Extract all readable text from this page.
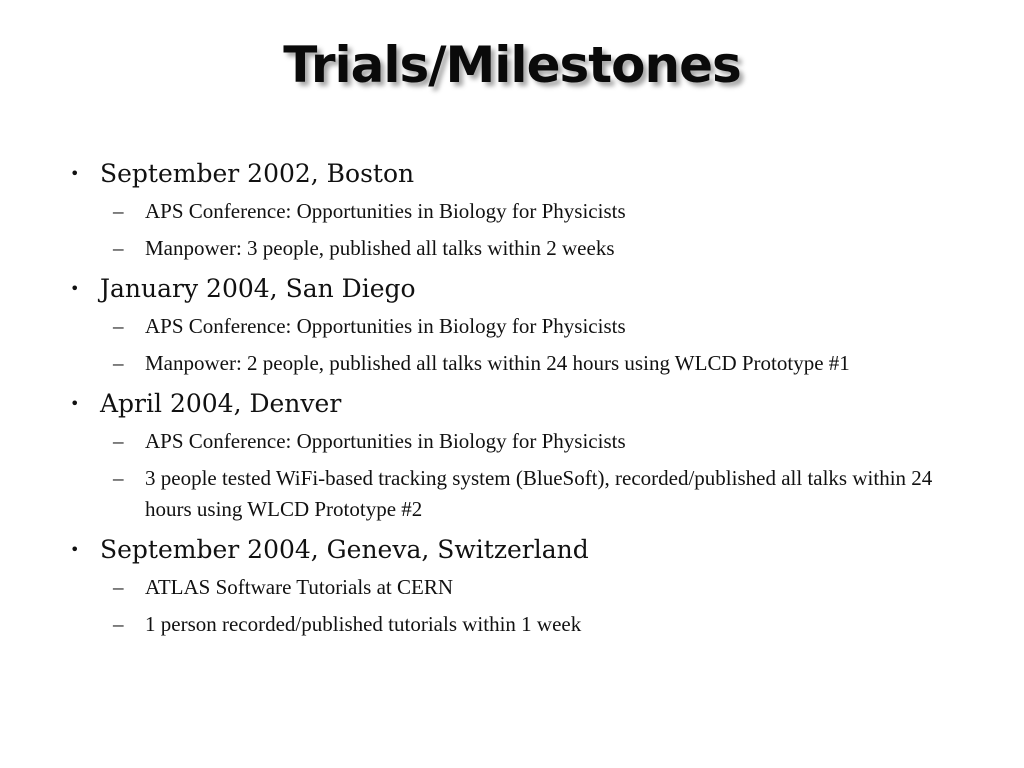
Trials/Milestones
• September 2002, Boston
– APS Conference: Opportunities in Biology for Physicists
– Manpower: 3 people, published all talks within 2 weeks
• January 2004, San Diego
– APS Conference: Opportunities in Biology for Physicists
– Manpower: 2 people, published all talks within 24 hours using WLCD Prototype #1
• April 2004, Denver
– APS Conference: Opportunities in Biology for Physicists
– 3 people tested WiFi-based tracking system (BlueSoft), recorded/published all talks within 24 hours using WLCD Prototype #2
• September 2004, Geneva, Switzerland
– ATLAS Software Tutorials at CERN
– 1 person recorded/published tutorials within 1 week
